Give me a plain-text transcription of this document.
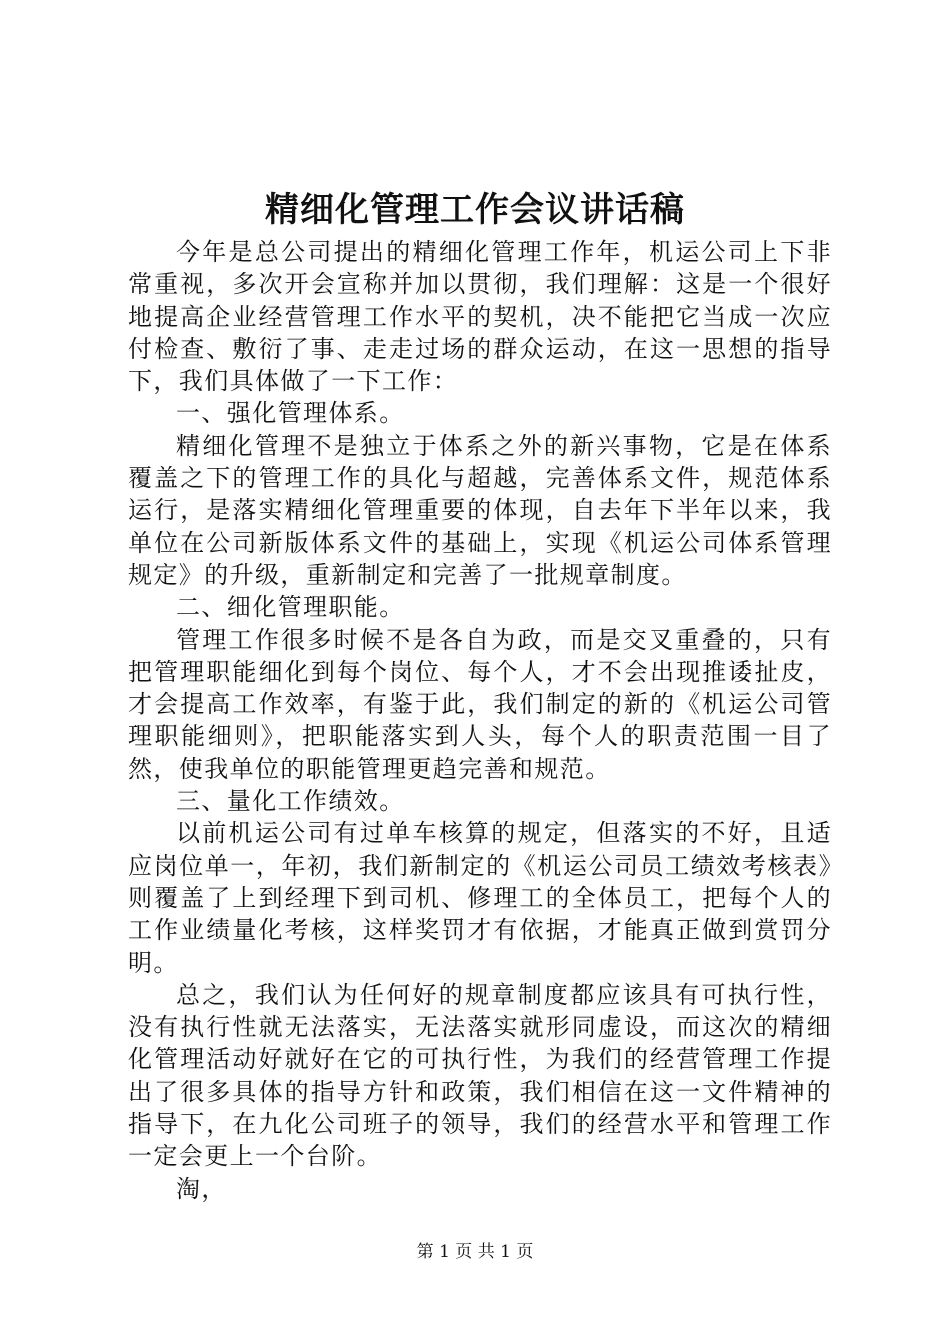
精细化管理工作会议讲话稿

今年是总公司提出的精细化管理工作年，机运公司上下非常重视，多次开会宣称并加以贯彻，我们理解：这是一个很好地提高企业经营管理工作水平的契机，决不能把它当成一次应付检查、敷衍了事、走走过场的群众运动，在这一思想的指导下，我们具体做了一下工作：

一、强化管理体系。

精细化管理不是独立于体系之外的新兴事物，它是在体系覆盖之下的管理工作的具化与超越，完善体系文件，规范体系运行，是落实精细化管理重要的体现，自去年下半年以来，我单位在公司新版体系文件的基础上，实现《机运公司体系管理规定》的升级，重新制定和完善了一批规章制度。

二、细化管理职能。

管理工作很多时候不是各自为政，而是交叉重叠的，只有把管理职能细化到每个岗位、每个人，才不会出现推诿扯皮，才会提高工作效率，有鉴于此，我们制定的新的《机运公司管理职能细则》，把职能落实到人头，每个人的职责范围一目了然，使我单位的职能管理更趋完善和规范。

三、量化工作绩效。

以前机运公司有过单车核算的规定，但落实的不好，且适应岗位单一，年初，我们新制定的《机运公司员工绩效考核表》则覆盖了上到经理下到司机、修理工的全体员工，把每个人的工作业绩量化考核，这样奖罚才有依据，才能真正做到赏罚分明。

总之，我们认为任何好的规章制度都应该具有可执行性，没有执行性就无法落实，无法落实就形同虚设，而这次的精细化管理活动好就好在它的可执行性，为我们的经营管理工作提出了很多具体的指导方针和政策，我们相信在这一文件精神的指导下，在九化公司班子的领导，我们的经营水平和管理工作一定会更上一个台阶。

淘，

第 1 页 共 1 页
